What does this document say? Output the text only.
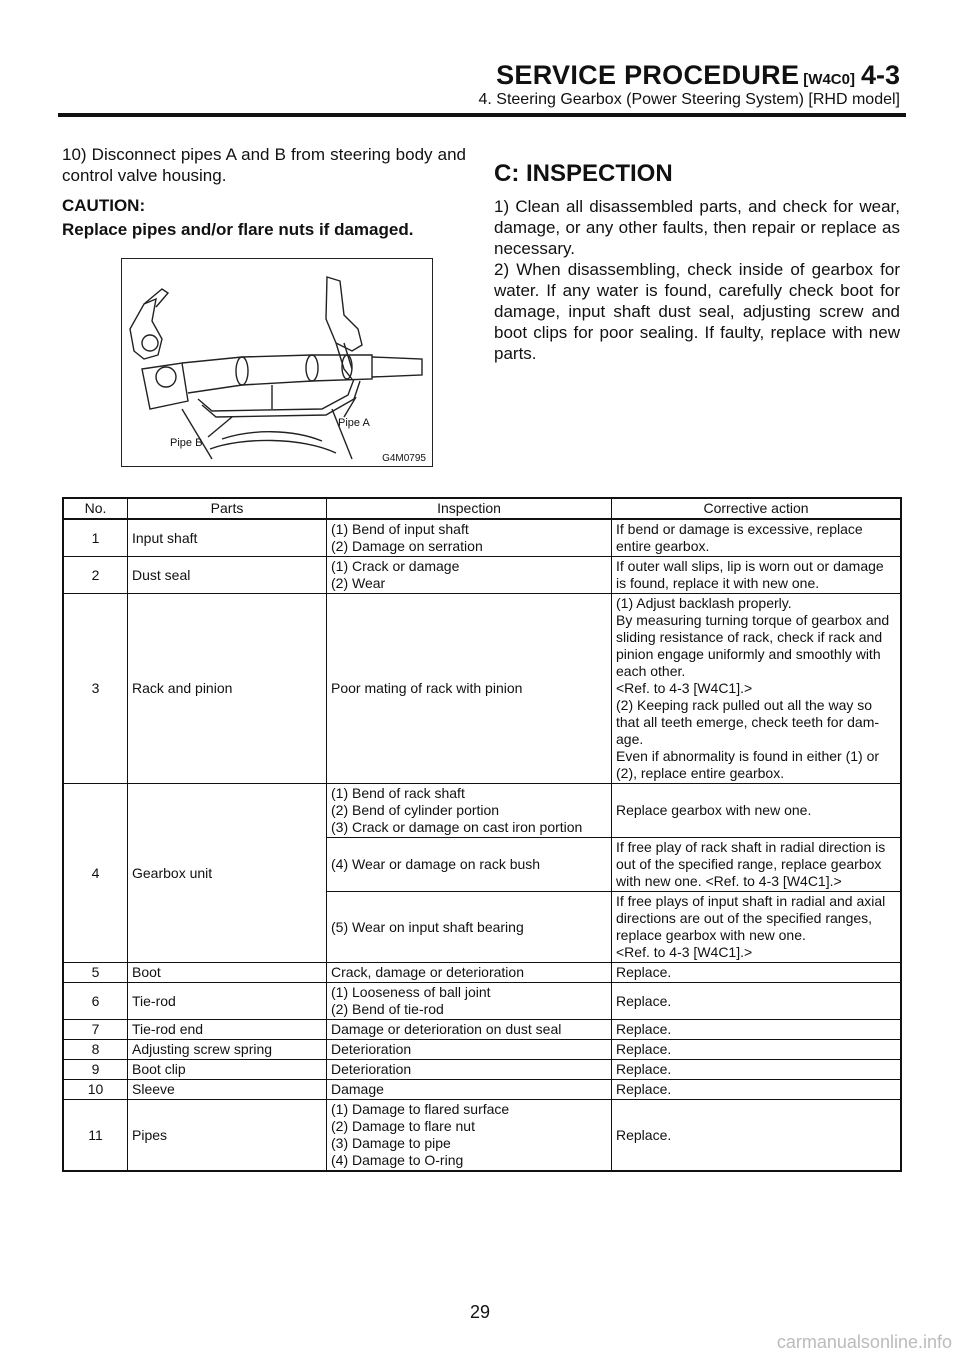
SERVICE PROCEDURE [W4C0] 4-3
4. Steering Gearbox (Power Steering System) [RHD model]
10) Disconnect pipes A and B from steering body and control valve housing.
CAUTION:
Replace pipes and/or flare nuts if damaged.
Pipe B
Pipe A
G4M0795
C: INSPECTION
1) Clean all disassembled parts, and check for wear, damage, or any other faults, then repair or replace as necessary.
2) When disassembling, check inside of gearbox for water. If any water is found, carefully check boot for damage, input shaft dust seal, adjusting screw and boot clips for poor sealing. If faulty, replace with new parts.
No.	Parts	Inspection	Corrective action
1	Input shaft	(1) Bend of input shaft
(2) Damage on serration	If bend or damage is excessive, replace entire gearbox.

2	Dust seal	(1) Crack or damage
(2) Wear	If outer wall slips, lip is worn out or damage is found, replace it with new one.

3	Rack and pinion	Poor mating of rack with pinion	(1) Adjust backlash properly.
By measuring turning torque of gearbox and sliding resistance of rack, check if rack and pinion engage uniformly and smoothly with each other.
<Ref. to 4-3 [W4C1].>
(2) Keeping rack pulled out all the way so that all teeth emerge, check teeth for dam-age.
Even if abnormality is found in either (1) or (2), replace entire gearbox.

4	Gearbox unit	(1) Bend of rack shaft
(2) Bend of cylinder portion
(3) Crack or damage on cast iron portion	Replace gearbox with new one.

		(4) Wear or damage on rack bush	If free play of rack shaft in radial direction is out of the specified range, replace gearbox with new one. <Ref. to 4-3 [W4C1].>

		(5) Wear on input shaft bearing	If free plays of input shaft in radial and axial directions are out of the specified ranges, replace gearbox with new one.
<Ref. to 4-3 [W4C1].>

5	Boot	Crack, damage or deterioration	Replace.

6	Tie-rod	(1) Looseness of ball joint
(2) Bend of tie-rod	Replace.

7	Tie-rod end	Damage or deterioration on dust seal	Replace.

8	Adjusting screw spring	Deterioration	Replace.

9	Boot clip	Deterioration	Replace.

10	Sleeve	Damage	Replace.

11	Pipes	(1) Damage to flared surface
(2) Damage to flare nut
(3) Damage to pipe
(4) Damage to O-ring	Replace.
29
carmanualsonline.info
